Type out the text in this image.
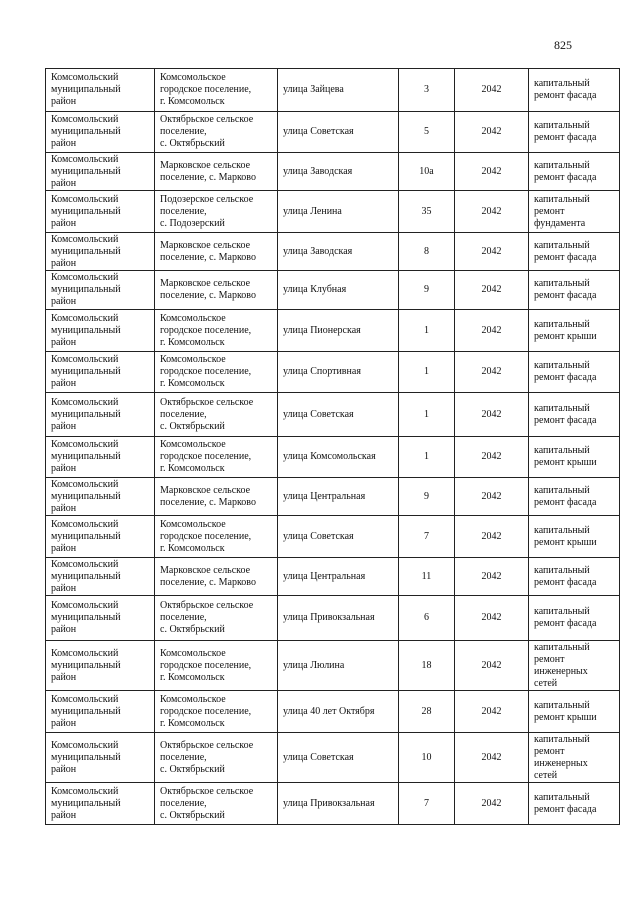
825
Комсомольский
муниципальный
район	Комсомольское
городское поселение,
г. Комсомольск	улица Зайцева	3	2042	капитальный
ремонт фасада

Комсомольский
муниципальный
район	Октябрьское сельское
поселение,
с. Октябрьский	улица Советская	5	2042	капитальный
ремонт фасада

Комсомольский
муниципальный
район	Марковское сельское
поселение, с. Марково	улица Заводская	10а	2042	капитальный
ремонт фасада

Комсомольский
муниципальный
район	Подозерское сельское
поселение,
с. Подозерский	улица Ленина	35	2042	капитальный
ремонт
фундамента

Комсомольский
муниципальный
район	Марковское сельское
поселение, с. Марково	улица Заводская	8	2042	капитальный
ремонт фасада

Комсомольский
муниципальный
район	Марковское сельское
поселение, с. Марково	улица Клубная	9	2042	капитальный
ремонт фасада

Комсомольский
муниципальный
район	Комсомольское
городское поселение,
г. Комсомольск	улица Пионерская	1	2042	капитальный
ремонт крыши

Комсомольский
муниципальный
район	Комсомольское
городское поселение,
г. Комсомольск	улица Спортивная	1	2042	капитальный
ремонт фасада

Комсомольский
муниципальный
район	Октябрьское сельское
поселение,
с. Октябрьский	улица Советская	1	2042	капитальный
ремонт фасада

Комсомольский
муниципальный
район	Комсомольское
городское поселение,
г. Комсомольск	улица Комсомольская	1	2042	капитальный
ремонт крыши

Комсомольский
муниципальный
район	Марковское сельское
поселение, с. Марково	улица Центральная	9	2042	капитальный
ремонт фасада

Комсомольский
муниципальный
район	Комсомольское
городское поселение,
г. Комсомольск	улица Советская	7	2042	капитальный
ремонт крыши

Комсомольский
муниципальный
район	Марковское сельское
поселение, с. Марково	улица Центральная	11	2042	капитальный
ремонт фасада

Комсомольский
муниципальный
район	Октябрьское сельское
поселение,
с. Октябрьский	улица Привокзальная	6	2042	капитальный
ремонт фасада

Комсомольский
муниципальный
район	Комсомольское
городское поселение,
г. Комсомольск	улица Люлина	18	2042	капитальный
ремонт
инженерных
сетей

Комсомольский
муниципальный
район	Комсомольское
городское поселение,
г. Комсомольск	улица 40 лет Октября	28	2042	капитальный
ремонт крыши

Комсомольский
муниципальный
район	Октябрьское сельское
поселение,
с. Октябрьский	улица Советская	10	2042	капитальный
ремонт
инженерных
сетей

Комсомольский
муниципальный
район	Октябрьское сельское
поселение,
с. Октябрьский	улица Привокзальная	7	2042	капитальный
ремонт фасада
